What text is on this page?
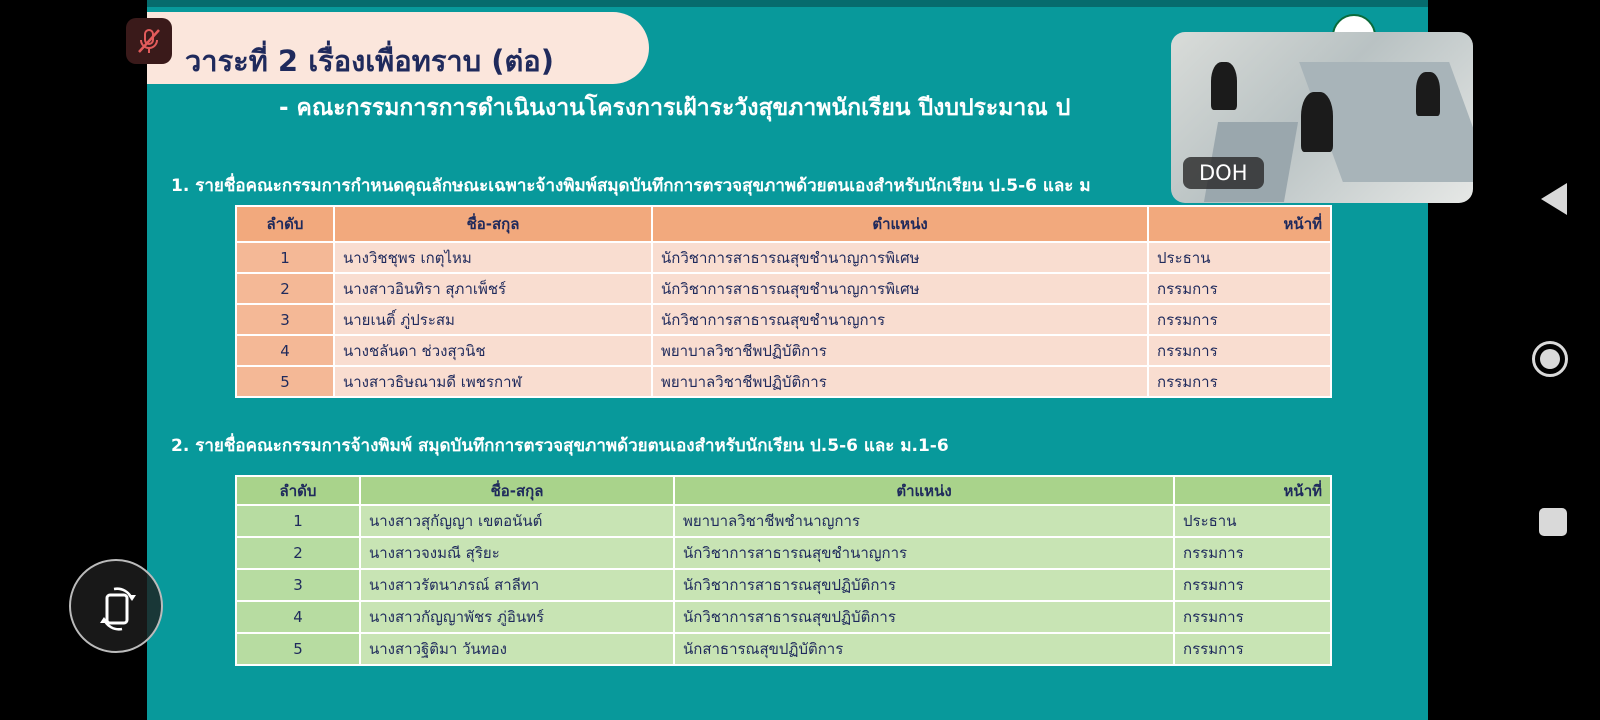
วาระที่ 2 เรื่องเพื่อทราบ (ต่อ)
- คณะกรรมการการดำเนินงานโครงการเฝ้าระวังสุขภาพนักเรียน ปีงบประมาณ ป
1. รายชื่อคณะกรรมการกำหนดคุณลักษณะเฉพาะจ้างพิมพ์สมุดบันทึกการตรวจสุขภาพด้วยตนเองสำหรับนักเรียน ป.5-6 และ ม
ลำดับ	ชื่อ-สกุล	ตำแหน่ง	หน้าที่
1	นางวิชชุพร เกตุไหม	นักวิชาการสาธารณสุขชำนาญการพิเศษ	ประธาน
2	นางสาวอินทิรา สุภาเพ็ชร์	นักวิชาการสาธารณสุขชำนาญการพิเศษ	กรรมการ
3	นายเนติ์ ภู่ประสม	นักวิชาการสาธารณสุขชำนาญการ	กรรมการ
4	นางชลันดา ช่วงสุวนิช	พยาบาลวิชาชีพปฏิบัติการ	กรรมการ
5	นางสาวธิษณามดี เพชรกาฬ	พยาบาลวิชาชีพปฏิบัติการ	กรรมการ
2. รายชื่อคณะกรรมการจ้างพิมพ์ สมุดบันทึกการตรวจสุขภาพด้วยตนเองสำหรับนักเรียน ป.5-6 และ ม.1-6
ลำดับ	ชื่อ-สกุล	ตำแหน่ง	หน้าที่
1	นางสาวสุกัญญา เขตอนันต์	พยาบาลวิชาชีพชำนาญการ	ประธาน
2	นางสาวจงมณี สุริยะ	นักวิชาการสาธารณสุขชำนาญการ	กรรมการ
3	นางสาวรัตนาภรณ์ สาลีทา	นักวิชาการสาธารณสุขปฏิบัติการ	กรรมการ
4	นางสาวกัญญาพัชร ภู่อินทร์	นักวิชาการสาธารณสุขปฏิบัติการ	กรรมการ
5	นางสาวฐิติมา วันทอง	นักสาธารณสุขปฏิบัติการ	กรรมการ
DOH
